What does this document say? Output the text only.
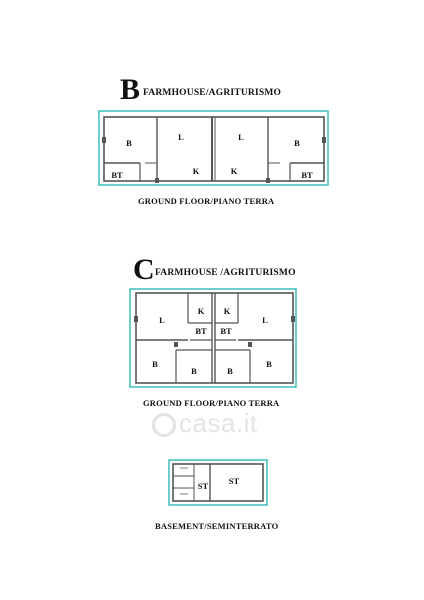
B FARMHOUSE/AGRITURISMO
GROUND FLOOR/PIANO TERRA
C FARMHOUSE /AGRITURISMO
GROUND FLOOR/PIANO TERRA
BASEMENT/SEMINTERRATO
casa.it
B
L	L
B
BT	K	K	BT
K K
L	L
BT BT
B
B	B
B
ST ST
